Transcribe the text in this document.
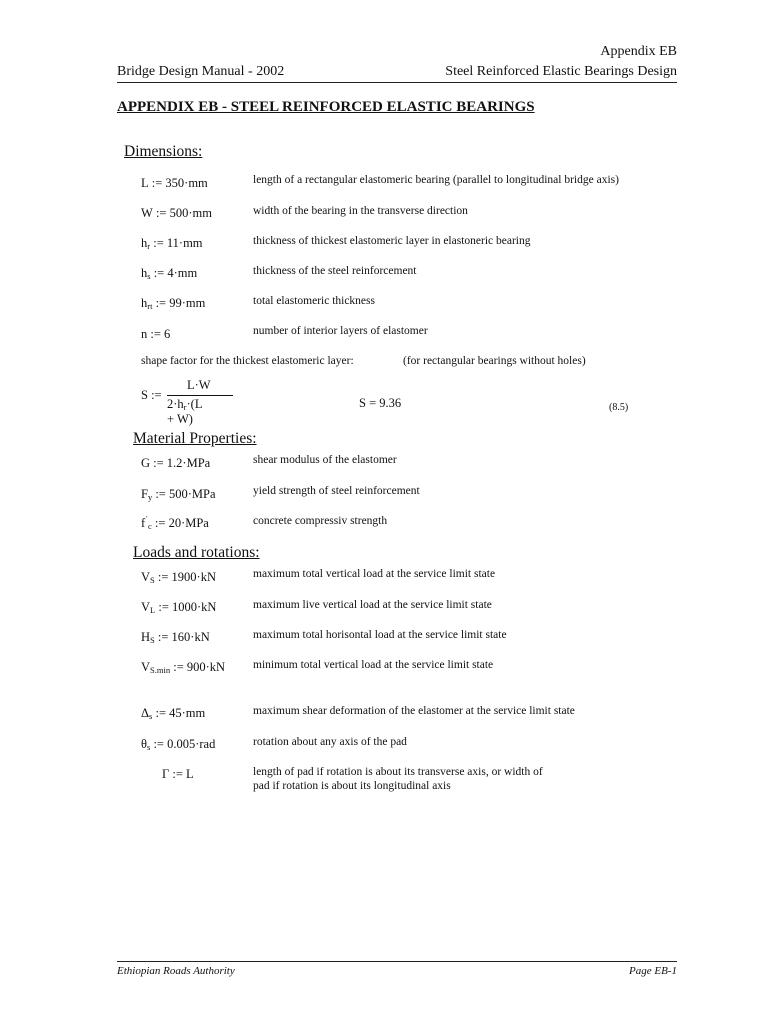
Appendix EB
Bridge Design Manual - 2002	Steel Reinforced Elastic Bearings Design
APPENDIX EB - STEEL REINFORCED ELASTIC BEARINGS
Dimensions:
L := 350·mm	length of a rectangular elastomeric bearing (parallel to longitudinal bridge axis)
W := 500·mm	width of the bearing in the transverse direction
$h_r$ := 11·mm	thickness of thickest elastomeric layer in elastoneric bearing
$h_s$ := 4·mm	thickness of the steel reinforcement
$h_{rt}$ := 99·mm	total elastomeric thickness
n := 6	number of interior layers of elastomer
shape factor for the thickest elastomeric layer:	(for rectangular bearings without holes)
S :=
L·W
$2\cdot h_r\cdot(L + W)$
S = 9.36	(8.5)
Material Properties:
G := 1.2·MPa	shear modulus of the elastomer
$F_y$ := 500·MPa	yield strength of steel reinforcement
$f^´_c$ := 20·MPa	concrete compressiv strength
Loads and rotations:
$V_S$ := 1900·kN	maximum total vertical load at the service limit state
$V_L$ := 1000·kN	maximum live vertical load at the service limit state
$H_S$ := 160·kN	maximum total horisontal load at the service limit state
$V_{S.min}$ := 900·kN minimum total vertical load at the service limit state
$\Delta_s$ := 45·mm	maximum shear deformation of the elastomer at the service limit state
$\theta_s$ := 0.005·rad	rotation about any axis of the pad
Γ := L	length of pad if rotation is about its transverse axis, or width of
pad if rotation is about its longitudinal axis
Ethiopian Roads Authority	Page EB-1
